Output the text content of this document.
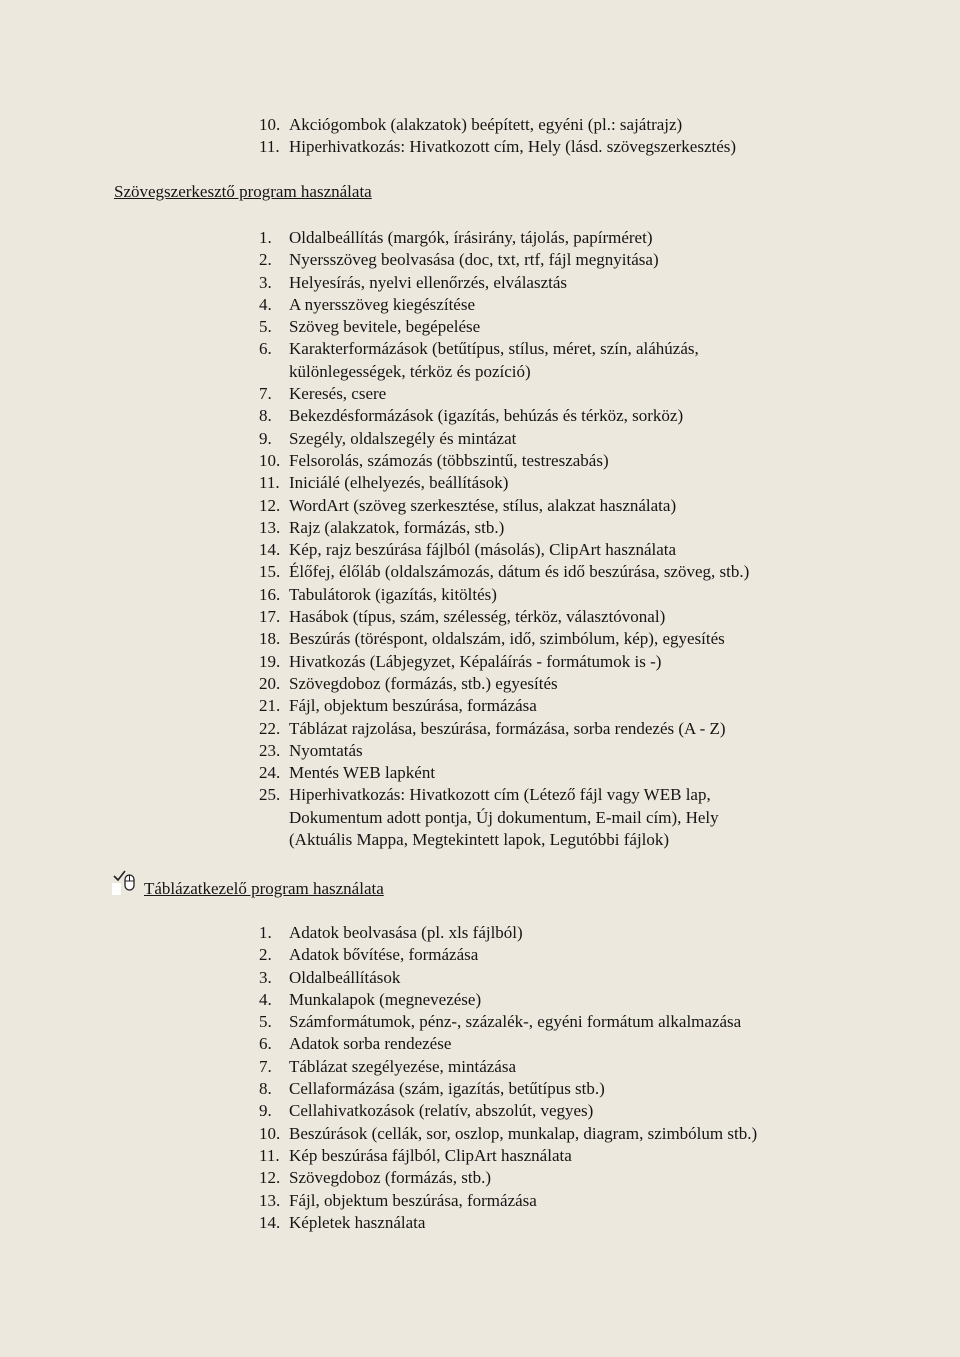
10. Akciógombok (alakzatok) beépített, egyéni (pl.: sajátrajz)
11. Hiperhivatkozás: Hivatkozott cím, Hely (lásd. szövegszerkesztés)
Szövegszerkesztő program használata
1. Oldalbeállítás (margók, írásirány, tájolás, papírméret)
2. Nyersszöveg beolvasása (doc, txt, rtf, fájl megnyitása)
3. Helyesírás, nyelvi ellenőrzés, elválasztás
4. A nyersszöveg kiegészítése
5. Szöveg bevitele, begépelése
6. Karakterformázások (betűtípus, stílus, méret, szín, aláhúzás,
különlegességek, térköz és pozíció)
7. Keresés, csere
8. Bekezdésformázások (igazítás, behúzás és térköz, sorköz)
9. Szegély, oldalszegély és mintázat
10. Felsorolás, számozás (többszintű, testreszabás)
11. Iniciálé (elhelyezés, beállítások)
12. WordArt (szöveg szerkesztése, stílus, alakzat használata)
13. Rajz (alakzatok, formázás, stb.)
14. Kép, rajz beszúrása fájlból (másolás), ClipArt használata
15. Élőfej, élőláb (oldalszámozás, dátum és idő beszúrása, szöveg, stb.)
16. Tabulátorok (igazítás, kitöltés)
17. Hasábok (típus, szám, szélesség, térköz, választóvonal)
18. Beszúrás (töréspont, oldalszám, idő, szimbólum, kép), egyesítés
19. Hivatkozás (Lábjegyzet, Képaláírás - formátumok is -)
20. Szövegdoboz (formázás, stb.) egyesítés
21. Fájl, objektum beszúrása, formázása
22. Táblázat rajzolása, beszúrása, formázása, sorba rendezés (A - Z)
23. Nyomtatás
24. Mentés WEB lapként
25. Hiperhivatkozás: Hivatkozott cím (Létező fájl vagy WEB lap,
Dokumentum adott pontja, Új dokumentum, E-mail cím), Hely
(Aktuális Mappa, Megtekintett lapok, Legutóbbi fájlok)
Táblázatkezelő program használata
1. Adatok beolvasása (pl. xls fájlból)
2. Adatok bővítése, formázása
3. Oldalbeállítások
4. Munkalapok (megnevezése)
5. Számformátumok, pénz-, százalék-, egyéni formátum alkalmazása
6. Adatok sorba rendezése
7. Táblázat szegélyezése, mintázása
8. Cellaformázása (szám, igazítás, betűtípus stb.)
9. Cellahivatkozások (relatív, abszolút, vegyes)
10. Beszúrások (cellák, sor, oszlop, munkalap, diagram, szimbólum stb.)
11. Kép beszúrása fájlból, ClipArt használata
12. Szövegdoboz (formázás, stb.)
13. Fájl, objektum beszúrása, formázása
14. Képletek használata
